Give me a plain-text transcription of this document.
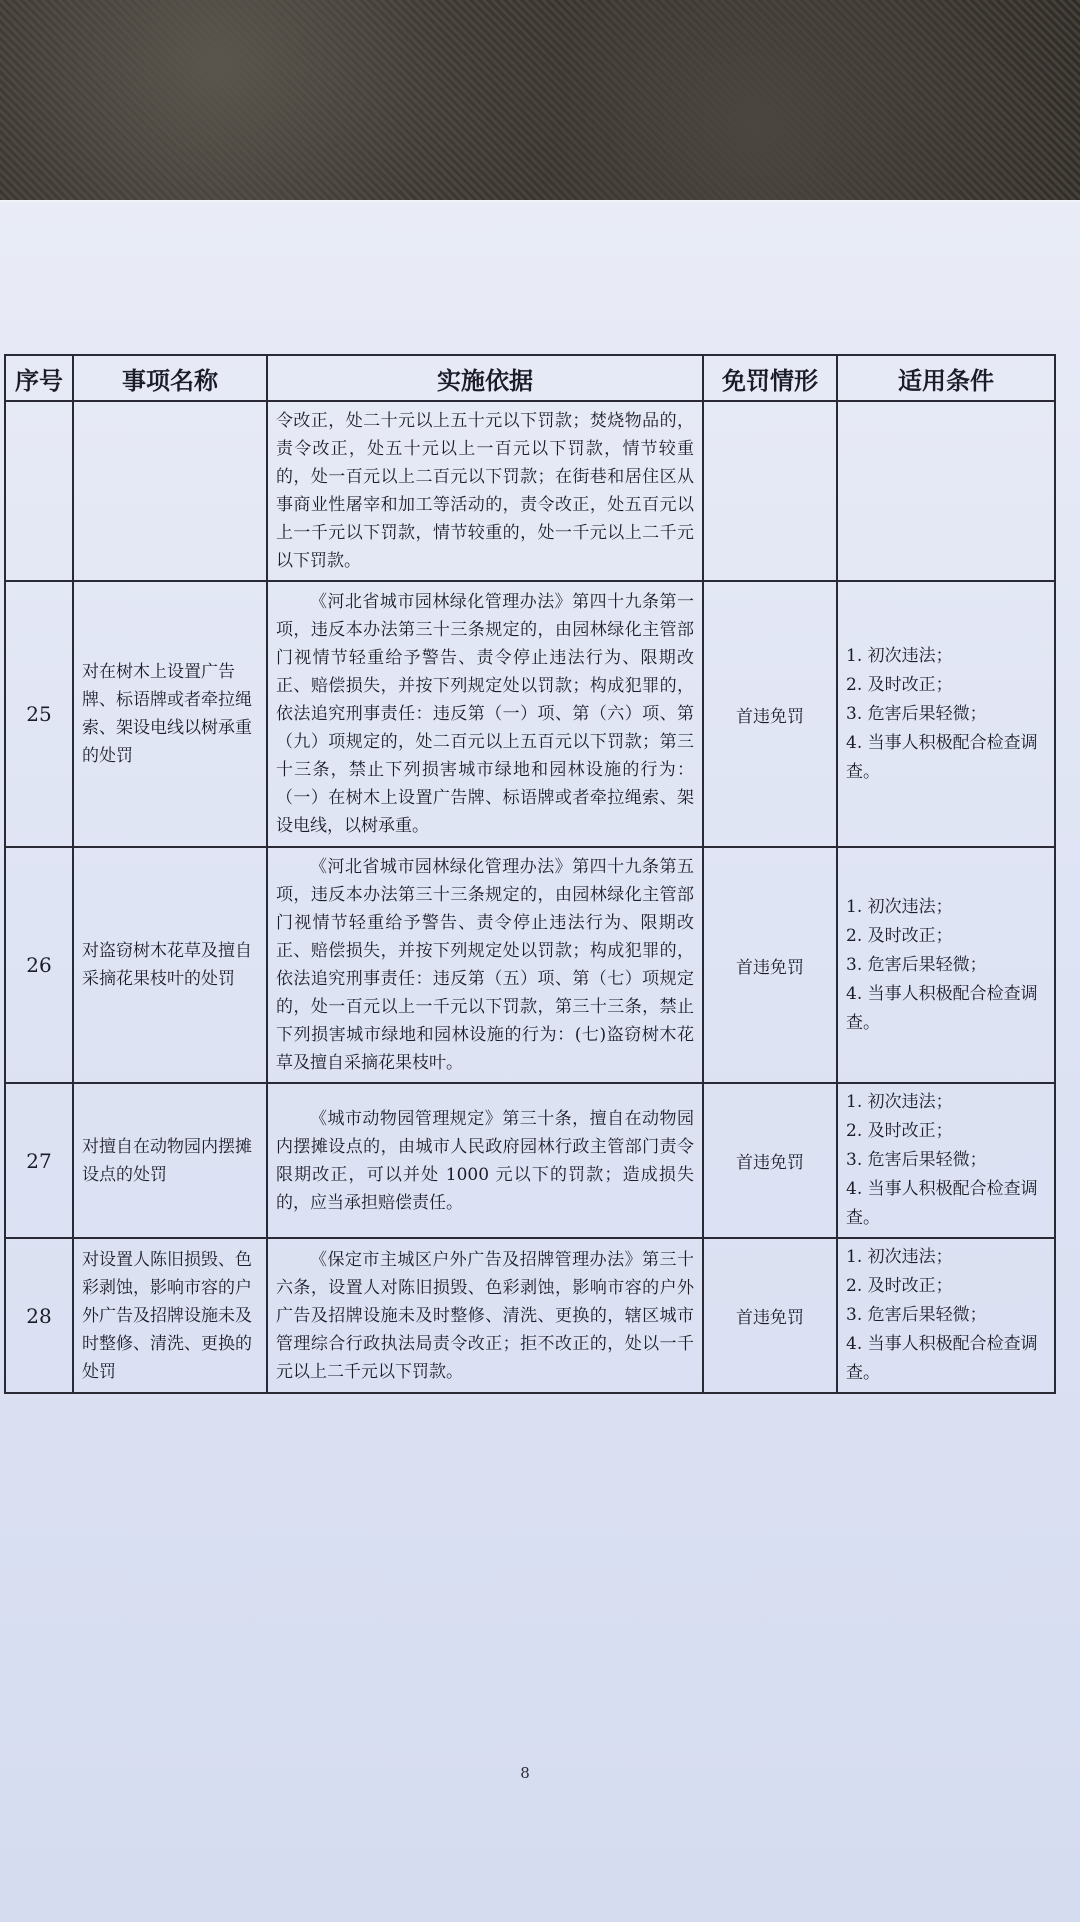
序号	事项名称	实施依据	免罚情形	适用条件
		令改正，处二十元以上五十元以下罚款；焚烧物品的，责令改正，处五十元以上一百元以下罚款，情节较重的，处一百元以上二百元以下罚款；在街巷和居住区从事商业性屠宰和加工等活动的，责令改正，处五百元以上一千元以下罚款，情节较重的，处一千元以上二千元以下罚款。		
25	对在树木上设置广告牌、标语牌或者牵拉绳索、架设电线以树承重的处罚	《河北省城市园林绿化管理办法》第四十九条第一项，违反本办法第三十三条规定的，由园林绿化主管部门视情节轻重给予警告、责令停止违法行为、限期改正、赔偿损失，并按下列规定处以罚款；构成犯罪的，依法追究刑事责任：违反第（一）项、第（六）项、第（九）项规定的，处二百元以上五百元以下罚款；第三十三条，禁止下列损害城市绿地和园林设施的行为：（一）在树木上设置广告牌、标语牌或者牵拉绳索、架设电线，以树承重。	首违免罚	1. 初次违法；
2. 及时改正；
3. 危害后果轻微；
4. 当事人积极配合检查调查。

26	对盗窃树木花草及擅自采摘花果枝叶的处罚	《河北省城市园林绿化管理办法》第四十九条第五项，违反本办法第三十三条规定的，由园林绿化主管部门视情节轻重给予警告、责令停止违法行为、限期改正、赔偿损失，并按下列规定处以罚款；构成犯罪的，依法追究刑事责任：违反第（五）项、第（七）项规定的，处一百元以上一千元以下罚款，第三十三条，禁止下列损害城市绿地和园林设施的行为：(七)盗窃树木花草及擅自采摘花果枝叶。	首违免罚	1. 初次违法；
2. 及时改正；
3. 危害后果轻微；
4. 当事人积极配合检查调查。

27	对擅自在动物园内摆摊设点的处罚	《城市动物园管理规定》第三十条，擅自在动物园内摆摊设点的，由城市人民政府园林行政主管部门责令限期改正，可以并处 1000 元以下的罚款；造成损失的，应当承担赔偿责任。	首违免罚	1. 初次违法；
2. 及时改正；
3. 危害后果轻微；
4. 当事人积极配合检查调查。

28	对设置人陈旧损毁、色彩剥蚀，影响市容的户外广告及招牌设施未及时整修、清洗、更换的处罚	《保定市主城区户外广告及招牌管理办法》第三十六条，设置人对陈旧损毁、色彩剥蚀，影响市容的户外广告及招牌设施未及时整修、清洗、更换的，辖区城市管理综合行政执法局责令改正；拒不改正的，处以一千元以上二千元以下罚款。	首违免罚	1. 初次违法；
2. 及时改正；
3. 危害后果轻微；
4. 当事人积极配合检查调查。
8
